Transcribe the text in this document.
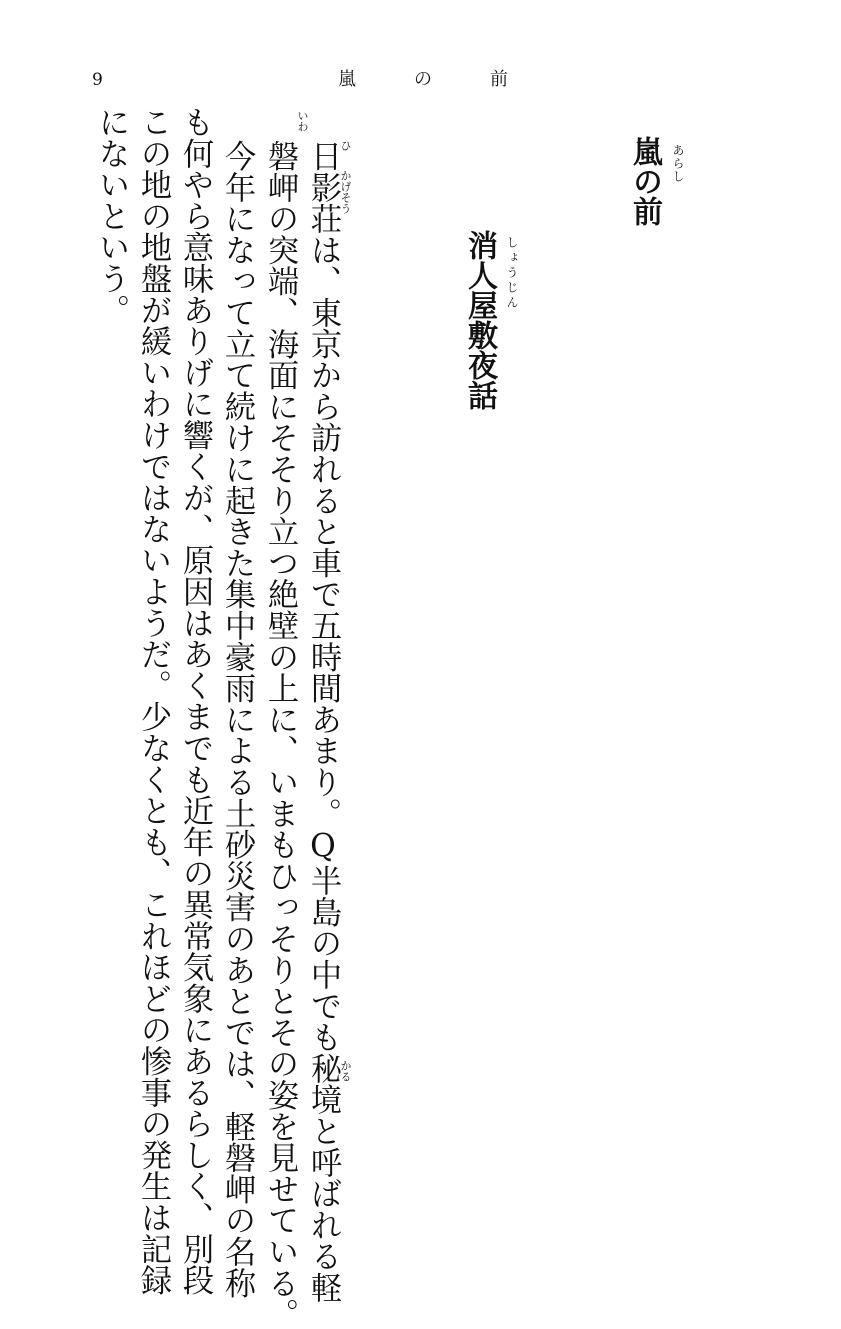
9	嵐	の	前
あらし
嵐の前
しょうじん
消人屋敷夜話
日影荘は、東京から訪れると車で五時間あまり。Q半島の中でも秘境と呼ばれる軽
磐岬の突端、海面にそそり立つ絶壁の上に、いまもひっそりとその姿を見せている。
今年になって立て続けに起きた集中豪雨による土砂災害のあとでは、軽磐岬の名称
も何やら意味ありげに響くが、原因はあくまでも近年の異常気象にあるらしく、別段
この地の地盤が緩いわけではないようだ。少なくとも、これほどの惨事の発生は記録
にないという。	ひ
かげそう
かる
いわ
